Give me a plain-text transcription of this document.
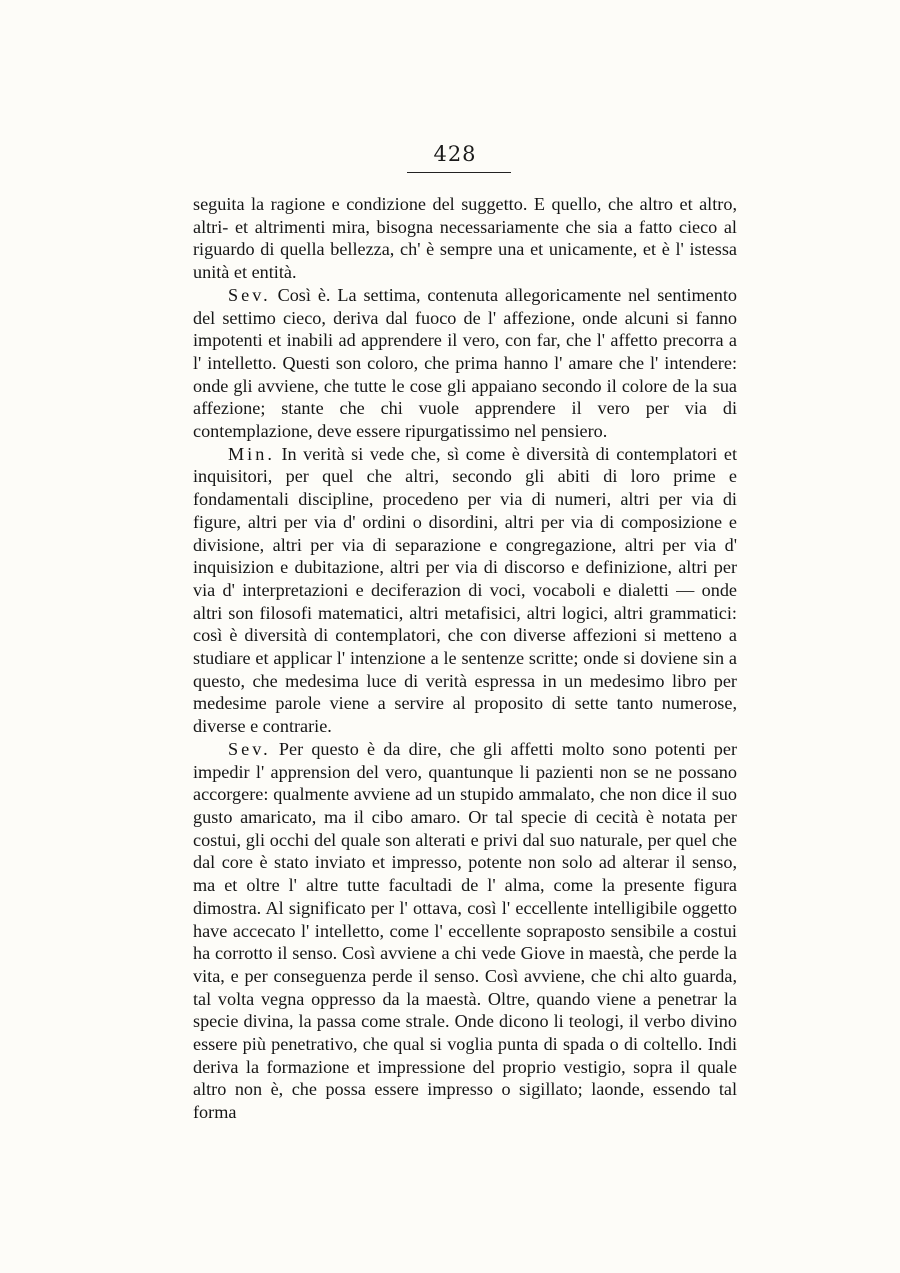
428

seguita la ragione e condizione del suggetto. E quello, che altro et altro, altri- et altrimenti mira, bisogna necessariamente che sia a fatto cieco al riguardo di quella bellezza, ch' è sempre una et unicamente, et è l' istessa unità et entità.

Sev. Così è. La settima, contenuta allegoricamente nel sentimento del settimo cieco, deriva dal fuoco de l' affezione, onde alcuni si fanno impotenti et inabili ad apprendere il vero, con far, che l' affetto precorra a l' intelletto. Questi son coloro, che prima hanno l' amare che l' intendere: onde gli avviene, che tutte le cose gli appaiano secondo il colore de la sua affezione; stante che chi vuole apprendere il vero per via di contemplazione, deve essere ripurgatissimo nel pensiero.

Min. In verità si vede che, sì come è diversità di contemplatori et inquisitori, per quel che altri, secondo gli abiti di loro prime e fondamentali discipline, procedeno per via di numeri, altri per via di figure, altri per via d' ordini o disordini, altri per via di composizione e divisione, altri per via di separazione e congregazione, altri per via d' inquisizion e dubitazione, altri per via di discorso e definizione, altri per via d' interpretazioni e deciferazion di voci, vocaboli e dialetti — onde altri son filosofi matematici, altri metafisici, altri logici, altri grammatici: così è diversità di contemplatori, che con diverse affezioni si metteno a studiare et applicar l' intenzione a le sentenze scritte; onde si doviene sin a questo, che medesima luce di verità espressa in un medesimo libro per medesime parole viene a servire al proposito di sette tanto numerose, diverse e contrarie.

Sev. Per questo è da dire, che gli affetti molto sono potenti per impedir l' apprension del vero, quantunque li pazienti non se ne possano accorgere: qualmente avviene ad un stupido ammalato, che non dice il suo gusto amaricato, ma il cibo amaro. Or tal specie di cecità è notata per costui, gli occhi del quale son alterati e privi dal suo naturale, per quel che dal core è stato inviato et impresso, potente non solo ad alterar il senso, ma et oltre l' altre tutte facultadi de l' alma, come la presente figura dimostra. Al significato per l' ottava, così l' eccellente intelligibile oggetto have accecato l' intelletto, come l' eccellente sopraposto sensibile a costui ha corrotto il senso. Così avviene a chi vede Giove in maestà, che perde la vita, e per conseguenza perde il senso. Così avviene, che chi alto guarda, tal volta vegna oppresso da la maestà. Oltre, quando viene a penetrar la specie divina, la passa come strale. Onde dicono li teologi, il verbo divino essere più penetrativo, che qual si voglia punta di spada o di coltello. Indi deriva la formazione et impressione del proprio vestigio, sopra il quale altro non è, che possa essere impresso o sigillato; laonde, essendo tal forma
